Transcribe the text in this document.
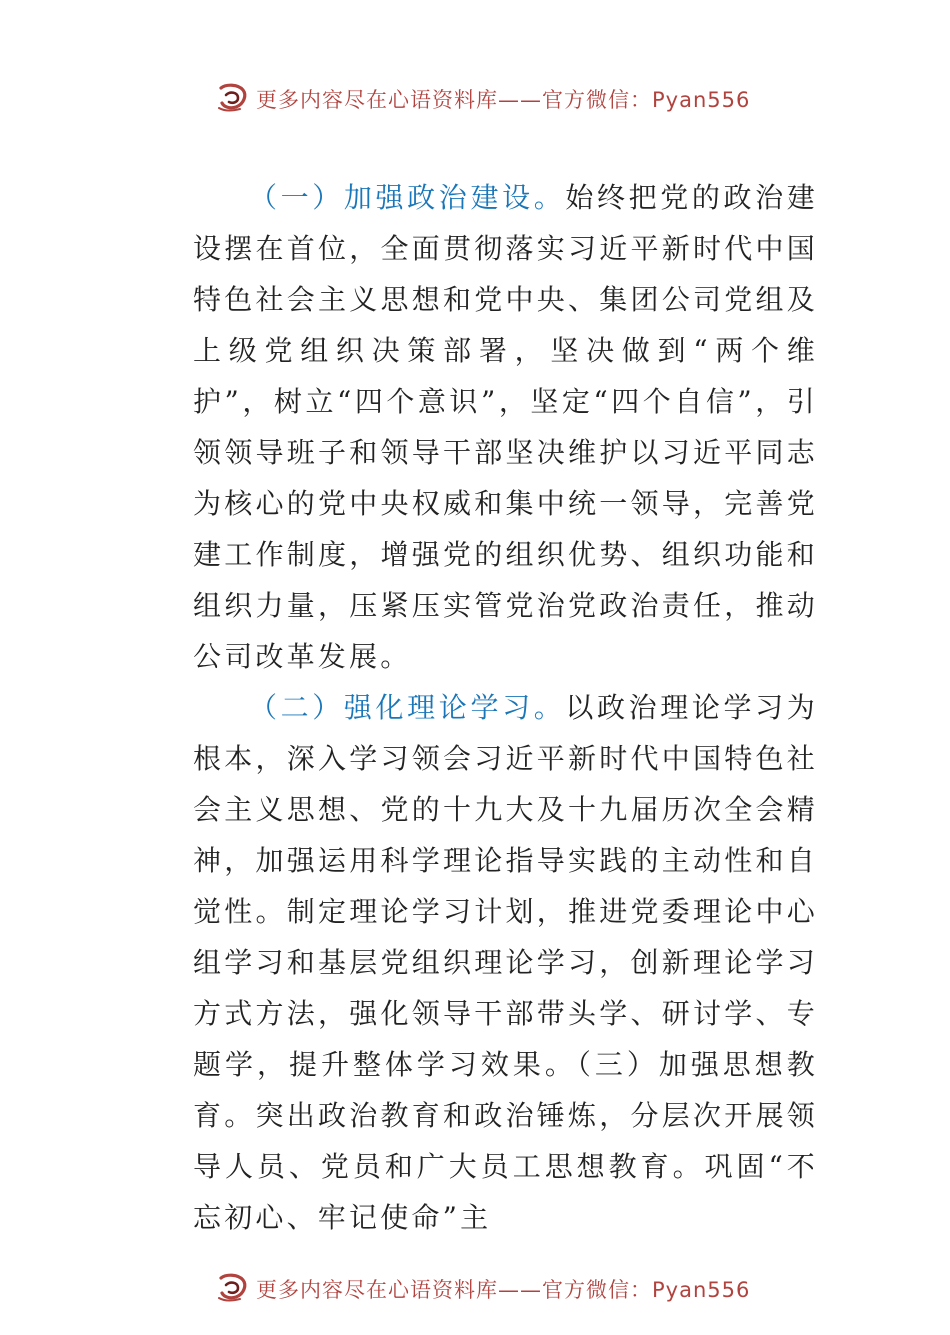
更多内容尽在心语资料库——官方微信：Pyan556

（一）加强政治建设。始终把党的政治建设摆在首位，全面贯彻落实习近平新时代中国特色社会主义思想和党中央、集团公司党组及上级党组织决策部署，坚决做到“两个维护”，树立“四个意识”，坚定“四个自信”，引领领导班子和领导干部坚决维护以习近平同志为核心的党中央权威和集中统一领导，完善党建工作制度，增强党的组织优势、组织功能和组织力量，压紧压实管党治党政治责任，推动公司改革发展。

（二）强化理论学习。以政治理论学习为根本，深入学习领会习近平新时代中国特色社会主义思想、党的十九大及十九届历次全会精神，加强运用科学理论指导实践的主动性和自觉性。制定理论学习计划，推进党委理论中心组学习和基层党组织理论学习，创新理论学习方式方法，强化领导干部带头学、研讨学、专题学，提升整体学习效果。（三）加强思想教育。突出政治教育和政治锤炼，分层次开展领导人员、党员和广大员工思想教育。巩固“不忘初心、牢记使命”主

更多内容尽在心语资料库——官方微信：Pyan556
